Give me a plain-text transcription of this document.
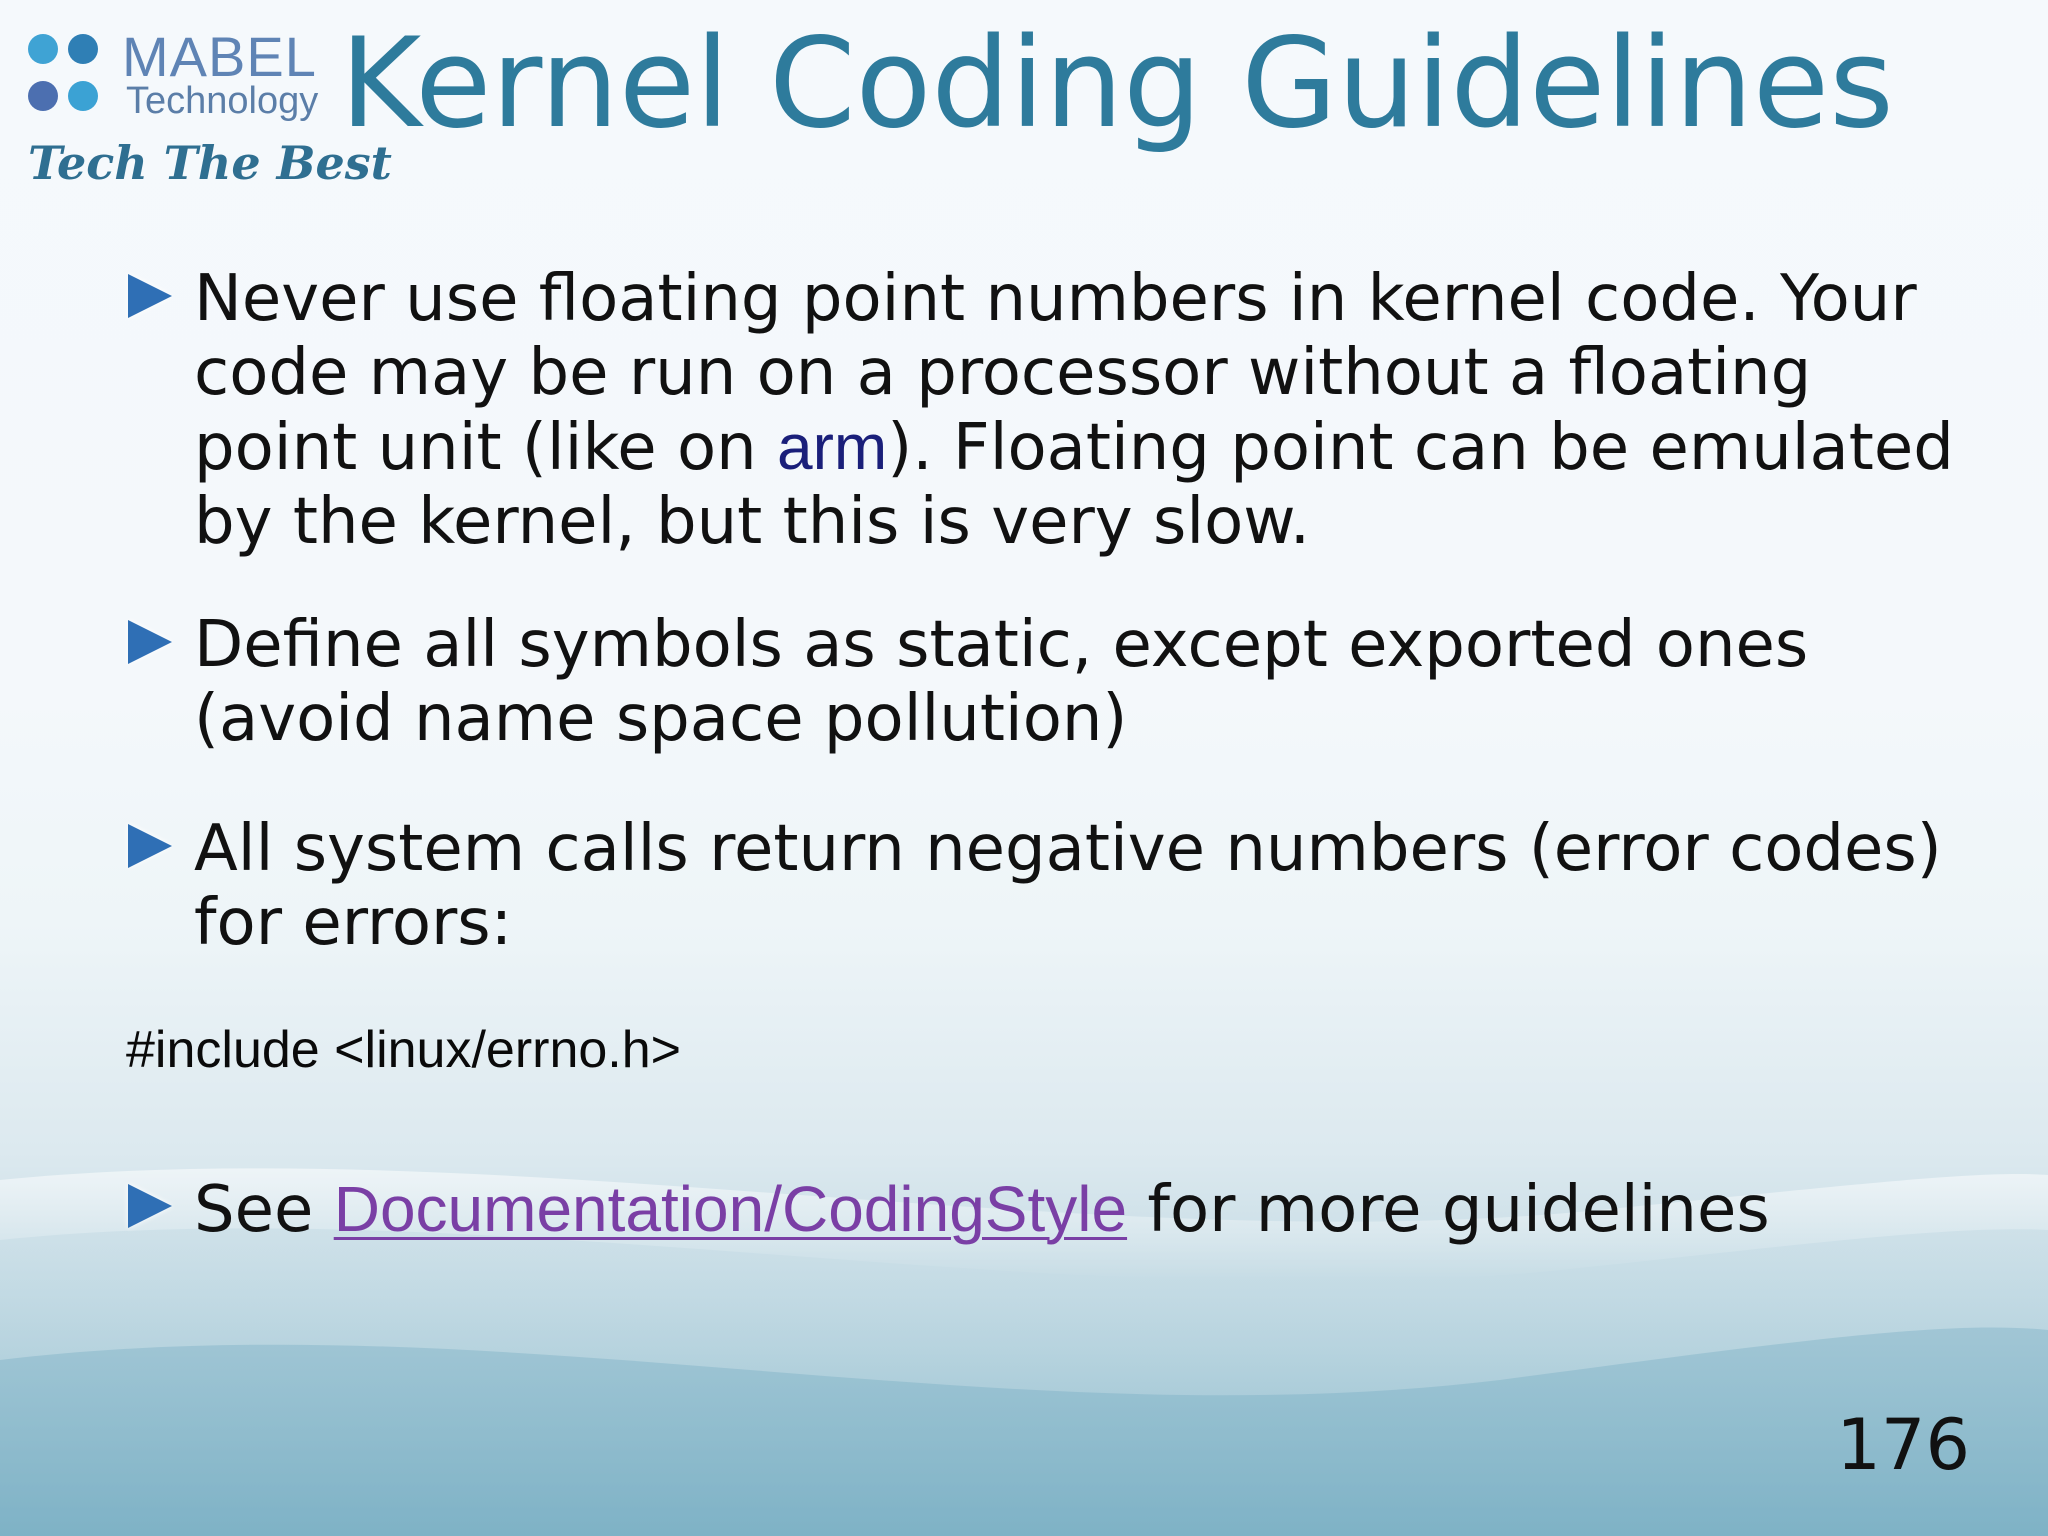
MABEL
Technology
Tech The Best
Kernel Coding Guidelines
Never use floating point numbers in kernel code. Your code may be run on a processor without a floating point unit (like on arm). Floating point can be emulated by the kernel, but this is very slow.
Define all symbols as static, except exported ones (avoid name space pollution)
All system calls return negative numbers (error codes) for errors:
#include <linux/errno.h>
See Documentation/CodingStyle for more guidelines
176
